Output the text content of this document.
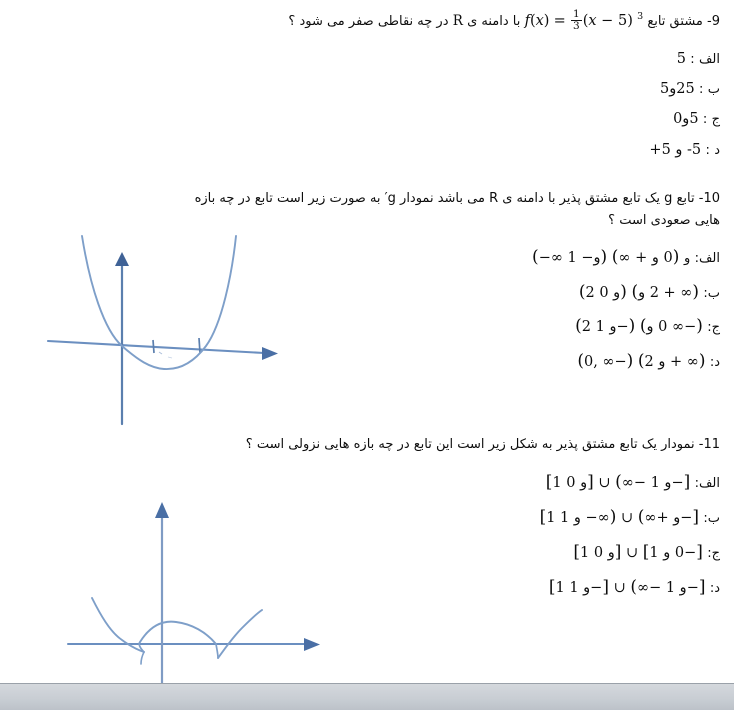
9- مشتق تابع $^3$ $f(x) = \frac{1}{3} (x - 5)$ با دامنه ی R در چه نقاطی صفر می شود ؟
الف : 5
ب : 25و5
ج : 5و0
د : 5- و 5+
10- تابع g یک تابع مشتق پذیر با دامنه ی R می باشد نمودار g′ به صورت زیر است تابع در چه بازه
هایی صعودی است ؟
الف: (−∞ و− 1)	و (0 و + ∞)
ب: (2 و 0) (2 و + ∞)
ج: (2 و 1−) (0 و ∞−)
د: (0, ∞−) (2 و + ∞)
11- نمودار یک تابع مشتق پذیر به شکل زیر است این تابع در چه بازه هایی نزولی است ؟
الف: [1 و 0] ∪ (∞− و 1−]
ب: [1 و +∞) ∪ (∞− و 1−]
ج: [1 و 0] ∪ [0 و 1−]
د: [1 و 1−] ∪ (∞− و 1−]
